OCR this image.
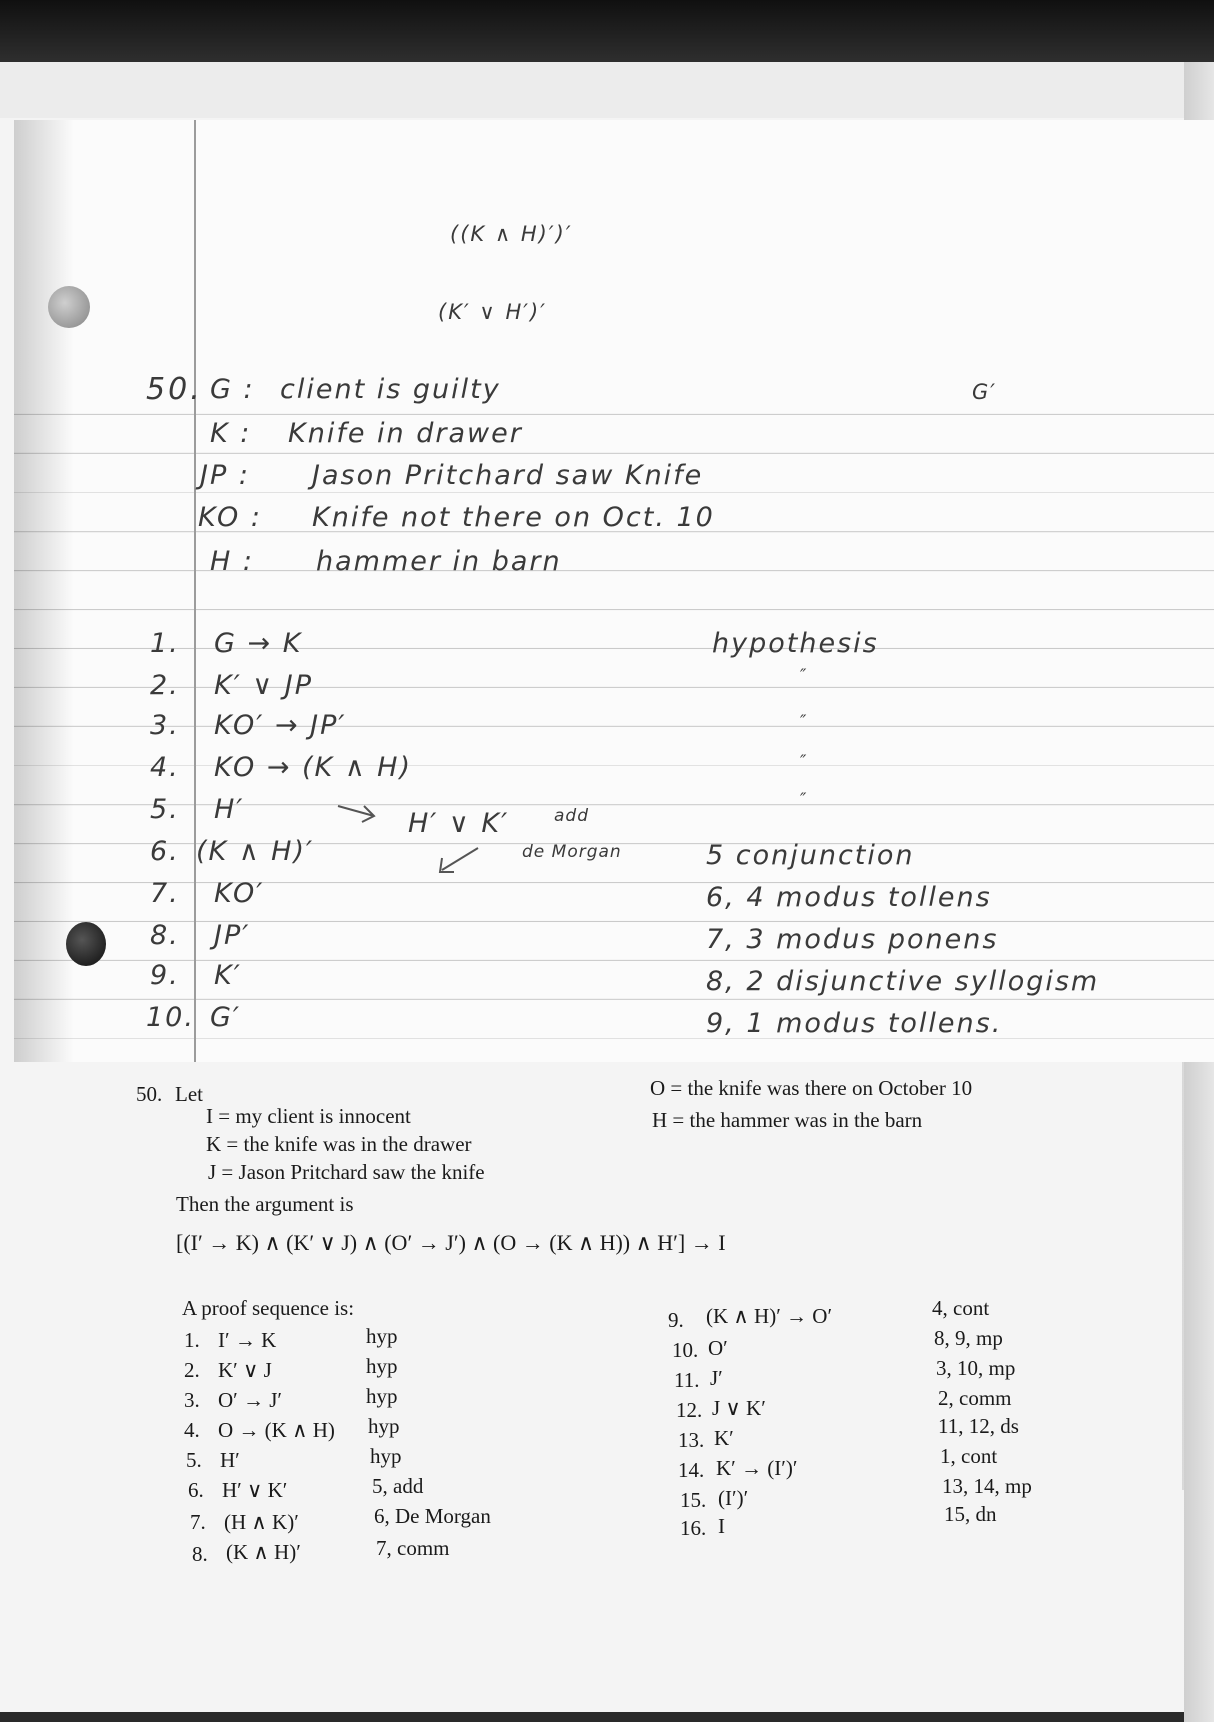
((K ∧ H)′)′
(K′ ∨ H′)′
50.	G′
G : client is guilty
K : Knife in drawer
JP : Jason Pritchard saw Knife
KO : Knife not there on Oct. 10
H : hammer in barn
1. G → K	hypothesis
2. K′ ∨ JP	″
3. KO′ → JP′	″
4. KO → (K ∧ H)	″
5. H′	″
6. (K ∧ H)′	5 conjunction
7. KO′	6, 4 modus tollens
8. JP′	7, 3 modus ponens
9. K′	8, 2 disjunctive syllogism
10. G′	9, 1 modus tollens.
H′ ∨ K′	add
de Morgan
50. Let
I = my client is innocent
K = the knife was in the drawer
J = Jason Pritchard saw the knife
O = the knife was there on October 10
H = the hammer was in the barn
Then the argument is
[(I′ → K) ∧ (K′ ∨ J) ∧ (O′ → J′) ∧ (O → (K ∧ H)) ∧ H′] → I
A proof sequence is:
1. I′ → K	hyp
2. K′ ∨ J	hyp
3. O′ → J′	hyp
4. O → (K ∧ H) hyp
5. H′	hyp
6. H′ ∨ K′	5, add
7. (H ∧ K)′	6, De Morgan
8. (K ∧ H)′	7, comm
9. (K ∧ H)′ → O′	4, cont
10. O′	8, 9, mp
11. J′	3, 10, mp
12. J ∨ K′	2, comm
13. K′	11, 12, ds
14. K′ → (I′)′	1, cont
15. (I′)′	13, 14, mp
16. I	15, dn
